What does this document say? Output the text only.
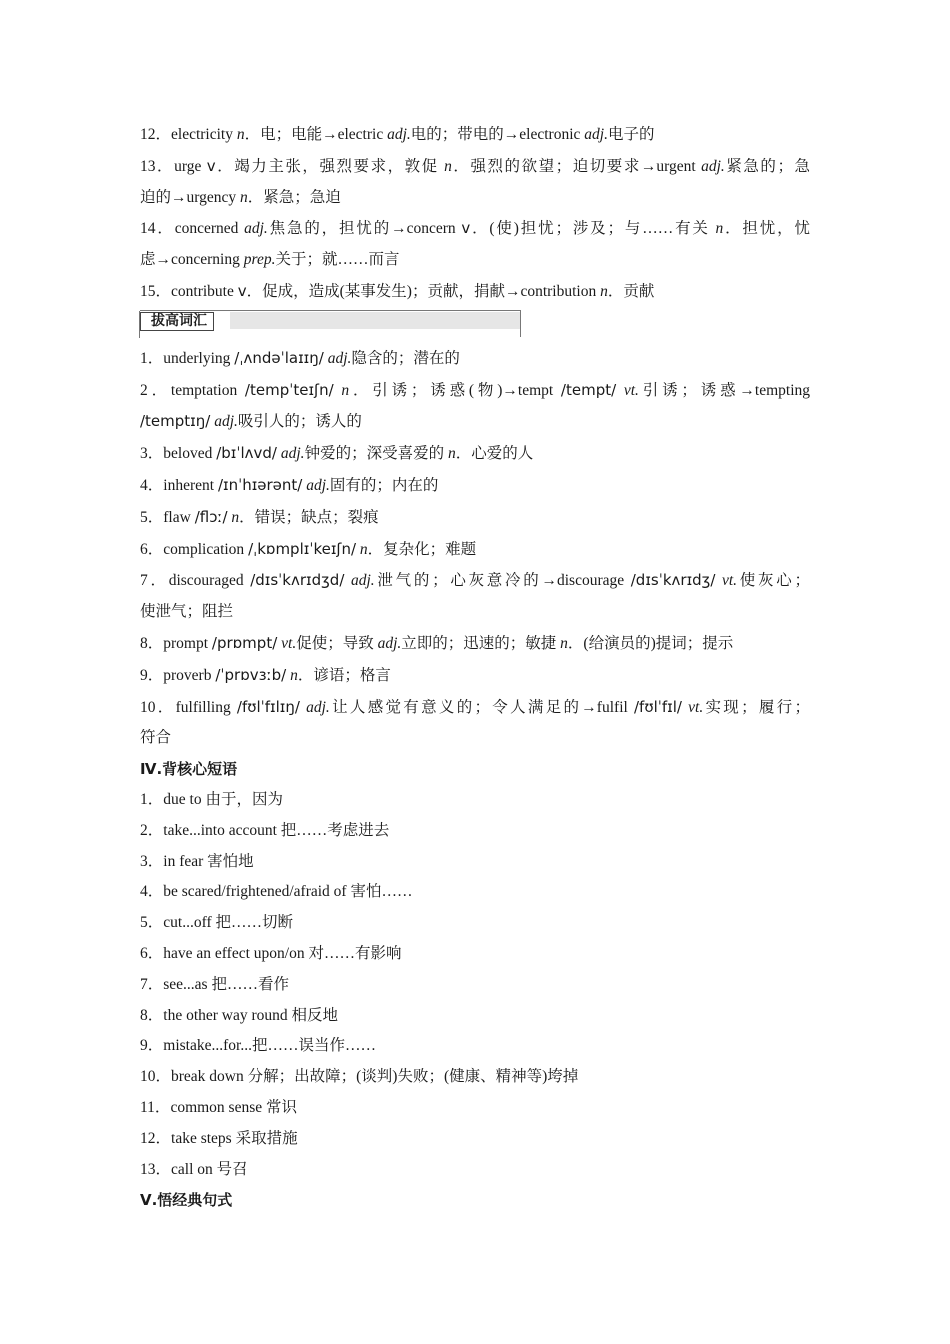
12．electricity n．电；电能→electric adj.电的；带电的→electronic adj.电子的
13．urge v．竭力主张，强烈要求，敦促 n．强烈的欲望；迫切要求→urgent adj.紧急的；急
迫的→urgency n．紧急；急迫
14．concerned adj.焦急的，担忧的→concern v．(使)担忧；涉及；与……有关 n．担忧，忧
虑→concerning prep.关于；就……而言
15．contribute v．促成，造成(某事发生)；贡献，捐献→contribution n．贡献
拔高词汇
1．underlying /ˌʌndəˈlaɪɪŋ/ adj.隐含的；潜在的
2．temptation /tempˈteɪʃn/ n．引诱；诱惑(物)→tempt /tempt/ vt.引诱；诱惑→tempting
/temptɪŋ/ adj.吸引人的；诱人的
3．beloved /bɪˈlʌvd/ adj.钟爱的；深受喜爱的 n．心爱的人
4．inherent /ɪnˈhɪərənt/ adj.固有的；内在的
5．flaw /flɔː/ n．错误；缺点；裂痕
6．complication /ˌkɒmplɪˈkeɪʃn/ n．复杂化；难题
7．discouraged /dɪsˈkʌrɪdʒd/ adj.泄气的；心灰意冷的→discourage /dɪsˈkʌrɪdʒ/ vt.使灰心；
使泄气；阻拦
8．prompt /prɒmpt/ vt.促使；导致 adj.立即的；迅速的；敏捷 n．(给演员的)提词；提示
9．proverb /ˈprɒvɜːb/ n．谚语；格言
10．fulfilling /fʊlˈfɪlɪŋ/ adj.让人感觉有意义的；令人满足的→fulfil /fʊlˈfɪl/ vt.实现；履行；
符合
Ⅳ.背核心短语
1．due to 由于，因为
2．take...into account 把……考虑进去
3．in fear 害怕地
4．be scared/frightened/afraid of 害怕……
5．cut...off 把……切断
6．have an effect upon/on 对……有影响
7．see...as 把……看作
8．the other way round 相反地
9．mistake...for...把……误当作……
10．break down 分解；出故障；(谈判)失败；(健康、精神等)垮掉
11．common sense 常识
12．take steps 采取措施
13．call on 号召
Ⅴ.悟经典句式
